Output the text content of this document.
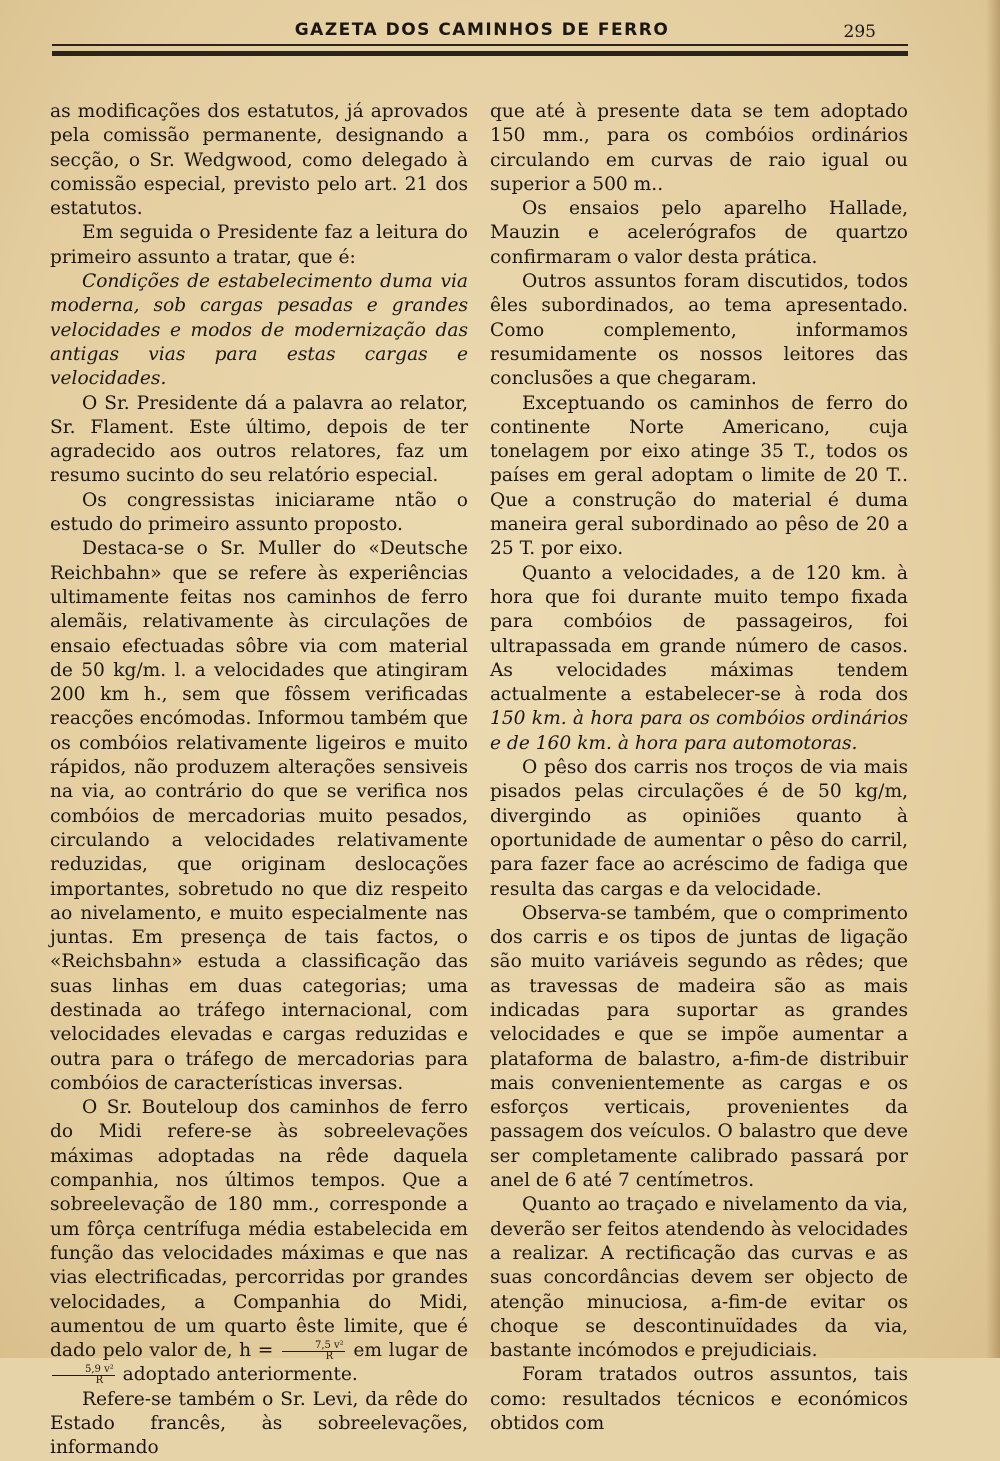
GAZETA DOS CAMINHOS DE FERRO	295

as modificações dos estatutos, já aprovados pela comissão permanente, designando a secção, o Sr. Wedgwood, como delegado à comissão especial, previsto pelo art. 21 dos estatutos.

Em seguida o Presidente faz a leitura do primeiro assunto a tratar, que é:

Condições de estabelecimento duma via moderna, sob cargas pesadas e grandes velocidades e modos de modernização das antigas vias para estas cargas e velocidades.

O Sr. Presidente dá a palavra ao relator, Sr. Flament. Este último, depois de ter agradecido aos outros relatores, faz um resumo sucinto do seu relatório especial.

Os congressistas iniciarame ntão o estudo do primeiro assunto proposto.

Destaca-se o Sr. Muller do «Deutsche Reichbahn» que se refere às experiências ultimamente feitas nos caminhos de ferro alemãis, relativamente às circulações de ensaio efectuadas sôbre via com material de 50 kg/m. l. a velocidades que atingiram 200 km h., sem que fôssem verificadas reacções encómodas. Informou também que os combóios relativamente ligeiros e muito rápidos, não produzem alterações sensiveis na via, ao contrário do que se verifica nos combóios de mercadorias muito pesados, circulando a velocidades relativamente reduzidas, que originam deslocações importantes, sobretudo no que diz respeito ao nivelamento, e muito especialmente nas juntas. Em presença de tais factos, o «Reichsbahn» estuda a classificação das suas linhas em duas categorias; uma destinada ao tráfego internacional, com velocidades elevadas e cargas reduzidas e outra para o tráfego de mercadorias para combóios de características inversas.

O Sr. Bouteloup dos caminhos de ferro do Midi refere-se às sobreelevações máximas adoptadas na rêde daquela companhia, nos últimos tempos. Que a sobreelevação de 180 mm., corresponde a um fôrça centrífuga média estabelecida em função das velocidades máximas e que nas vias electrificadas, percorridas por grandes velocidades, a Companhia do Midi, aumentou de um quarto êste limite, que é dado pelo valor de, $h = \frac{\text{7,5 v²}}{R}$ em lugar de
$\frac{\text{5,9 v²}}{R}$ adoptado anteriormente.

Refere-se também o Sr. Levi, da rêde do Estado francês, às sobreelevações, informando

que até à presente data se tem adoptado 150 mm., para os combóios ordinários circulando em curvas de raio igual ou superior a 500 m..

Os ensaios pelo aparelho Hallade, Mauzin e acelerógrafos de quartzo confirmaram o valor desta prática.

Outros assuntos foram discutidos, todos êles subordinados, ao tema apresentado. Como complemento, informamos resumidamente os nossos leitores das conclusões a que chegaram.

Exceptuando os caminhos de ferro do continente Norte Americano, cuja tonelagem por eixo atinge 35 T., todos os países em geral adoptam o limite de 20 T.. Que a construção do material é duma maneira geral subordinado ao pêso de 20 a 25 T. por eixo.

Quanto a velocidades, a de 120 km. à hora que foi durante muito tempo fixada para combóios de passageiros, foi ultrapassada em grande número de casos. As velocidades máximas tendem actualmente a estabelecer-se à roda dos 150 km. à hora para os combóios ordinários e de 160 km. à hora para automotoras.

O pêso dos carris nos troços de via mais pisados pelas circulações é de 50 kg/m, divergindo as opiniões quanto à oportunidade de aumentar o pêso do carril, para fazer face ao acréscimo de fadiga que resulta das cargas e da velocidade.

Observa-se também, que o comprimento dos carris e os tipos de juntas de ligação são muito variáveis segundo as rêdes; que as travessas de madeira são as mais indicadas para suportar as grandes velocidades e que se impõe aumentar a plataforma de balastro, a-fim-de distribuir mais convenientemente as cargas e os esforços verticais, provenientes da passagem dos veículos. O balastro que deve ser completamente calibrado passará por anel de 6 até 7 centímetros.

Quanto ao traçado e nivelamento da via, deverão ser feitos atendendo às velocidades a realizar. A rectificação das curvas e as suas concordâncias devem ser objecto de atenção minuciosa, a-fim-de evitar os choque se descontinuïdades da via, bastante incómodos e prejudiciais.

Foram tratados outros assuntos, tais como: resultados técnicos e económicos obtidos com
